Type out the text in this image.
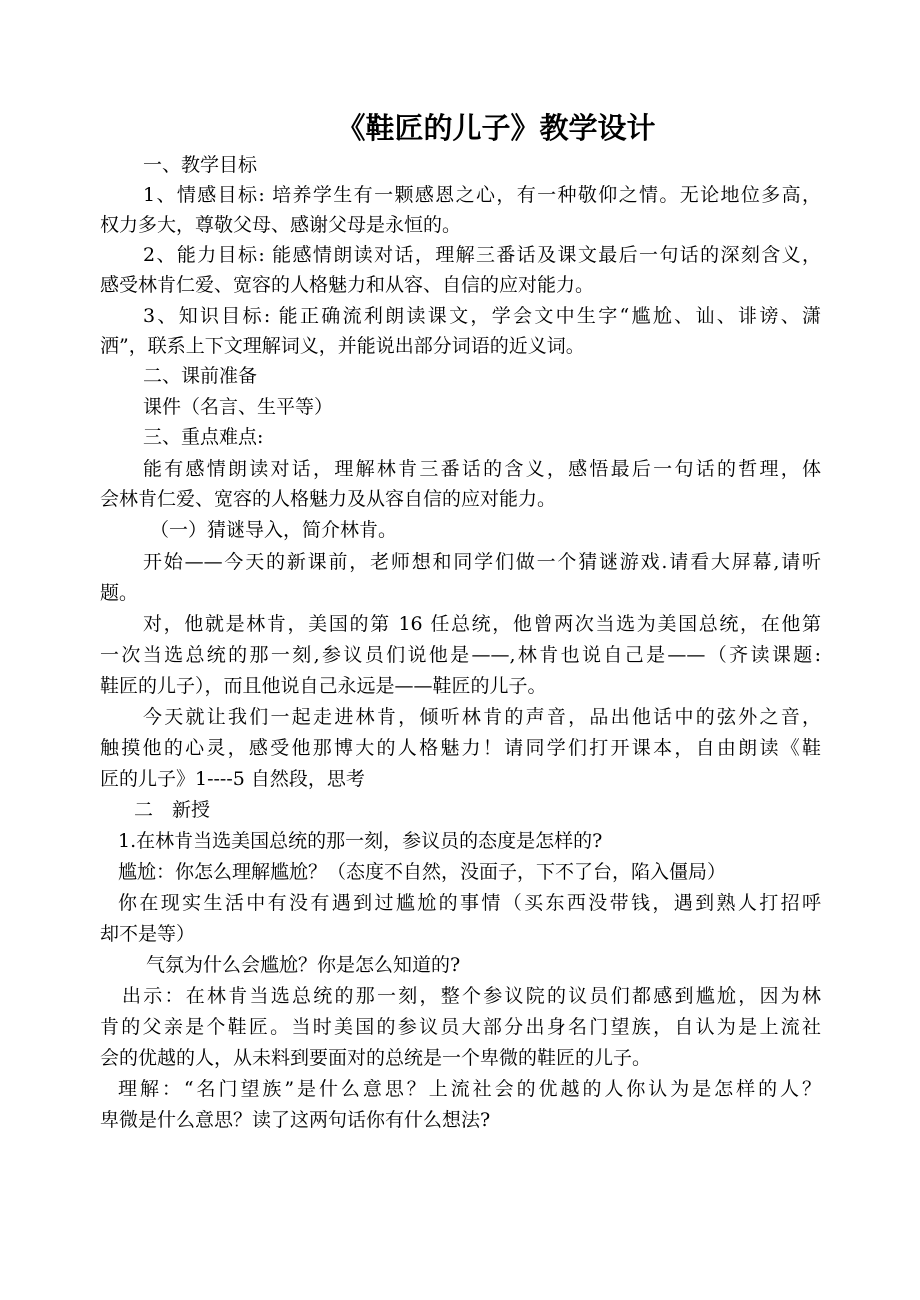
《鞋匠的儿子》教学设计
一、教学目标
1、情感目标: 培养学生有一颗感恩之心，有一种敬仰之情。无论地位多高，
权力多大，尊敬父母、感谢父母是永恒的。
2、能力目标: 能感情朗读对话，理解三番话及课文最后一句话的深刻含义，
感受林肯仁爱、宽容的人格魅力和从容、自信的应对能力。
3、知识目标: 能正确流利朗读课文，学会文中生字“尴尬、讪、诽谤、潇
洒”，联系上下文理解词义，并能说出部分词语的近义词。
二、课前准备
课件（名言、生平等）
三、重点难点:
能有感情朗读对话，理解林肯三番话的含义，感悟最后一句话的哲理，体
会林肯仁爱、宽容的人格魅力及从容自信的应对能力。
（一）猜谜导入，简介林肯。
开始——今天的新课前，老师想和同学们做一个猜谜游戏.请看大屏幕,请听
题。
对，他就是林肯，美国的第 16 任总统，他曾两次当选为美国总统，在他第
一次当选总统的那一刻,参议员们说他是——,林肯也说自己是——（齐读课题:
鞋匠的儿子），而且他说自己永远是——鞋匠的儿子。
今天就让我们一起走进林肯，倾听林肯的声音，品出他话中的弦外之音，
触摸他的心灵，感受他那博大的人格魅力！请同学们打开课本，自由朗读《鞋
匠的儿子》1----5 自然段，思考
二　新授
1.在林肯当选美国总统的那一刻，参议员的态度是怎样的?
尴尬：你怎么理解尴尬？（态度不自然，没面子，下不了台，陷入僵局）
你在现实生活中有没有遇到过尴尬的事情（买东西没带钱，遇到熟人打招呼
却不是等）
气氛为什么会尴尬？你是怎么知道的?
出示：在林肯当选总统的那一刻，整个参议院的议员们都感到尴尬，因为林
肯的父亲是个鞋匠。当时美国的参议员大部分出身名门望族，自认为是上流社
会的优越的人，从未料到要面对的总统是一个卑微的鞋匠的儿子。
理解：“名门望族”是什么意思？上流社会的优越的人你认为是怎样的人？
卑微是什么意思？读了这两句话你有什么想法?
